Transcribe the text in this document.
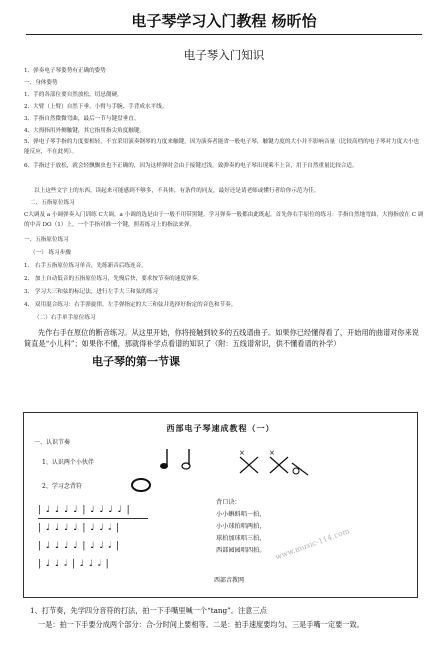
电子琴学习入门教程 杨昕怡
电子琴入门知识
1、弹奏电子琴姿势有正确的姿势
一、身体姿势
1、手的各部位要自然放松，切忌僵硬。
2、大臂（上臂）自然下垂，小臂与手腕、手背成水平线。
3、手指自然微微弯曲，最后一节与键盘垂直。
4、大拇指用外侧触键，其它指用指尖角度触键。
5、弹电子琴手指的力度要相轻，不宜采用演奏钢琴的力度来触键，因为演奏者能省一般电子琴，触键力度的大小并不影响音量（比较高档的电子琴对力度大小也能反应，不在此列）。
6、手指过于放松，就会轻飘飘虫也不正确的，因为这样弹时会由于接键过浅，致弹奏的电子琴出现乘不上音，用于自然重量比较合适。
以上这些文字上的东西，读起来可能感到不够多，不具体，有条件的同友，最好还是请老师或懂行者给你示范为佳。
二、五指原位练习
C大调及 a 小调弹奏入门训练 C大调，a 小调的选是由于一般不用带黑键。学习弹奏一般都由此既起。首先你右手原位的练习：手指自然地弯曲，大拇指放在 C 调的中音 DO（1）上，一个手指对准一个键，照着练习上的指法来弹。
一、五指原位练习
（一） 练习步骤
1、 右手五指原位练习单音，先练新音后练连音。
2、 加上自动低音的五指原位练习，先慢后快，要求按节奏的速度弹奏。
3、 学习大三和弦的标记法，进行左手大三和弦的练习
4、 双用混合练习：右手弹旋律，左手弹指定的大三和弦并选择好指定的音色和节奏。
（二）右手单手原位练习
先作右手在原位的断音练习。从这里开始，你将接触到较多的五线谱曲子。如果你已经懂得看了，开始用的曲谱对你来说简直是“小儿科”；如果你不懂，那就得补学点看谱的知识了（附：五线谱常识，供不懂看谱的补学）
电子琴的第一节课
西部电子琴速成教程（一）
一、认识节奏
1、认识两个小伙伴
×	×
2、学习念背符
| ♩ ♩ ♩ ♩ | ♩ ♩ ♩ ♩ |
| ♩ ♩ ♩ ♩ | ♩ ♩ 𝅗𝅥 |
| ♩ ♩ ♩ ♩ | ♩ ♩ 𝅗𝅥 |
| ♩ ♩ 𝅗𝅥 | ♩ ♩ 𝅗𝅥 |
背口诀：
小小蝌蚪唱一拍，
小小球拍唱两拍，
球拍加球唱三拍，
西部园园唱四拍。 www.music-114.com
西部音教网
1、打节奏，先学四分音符的打法，拍一下手嘴里喊一个“tang”。注意三点
一是：拍一下手要分成两个部分：合-分时间上要相等。二是：拍手速度要均匀。三是手嘴一定要一致。
